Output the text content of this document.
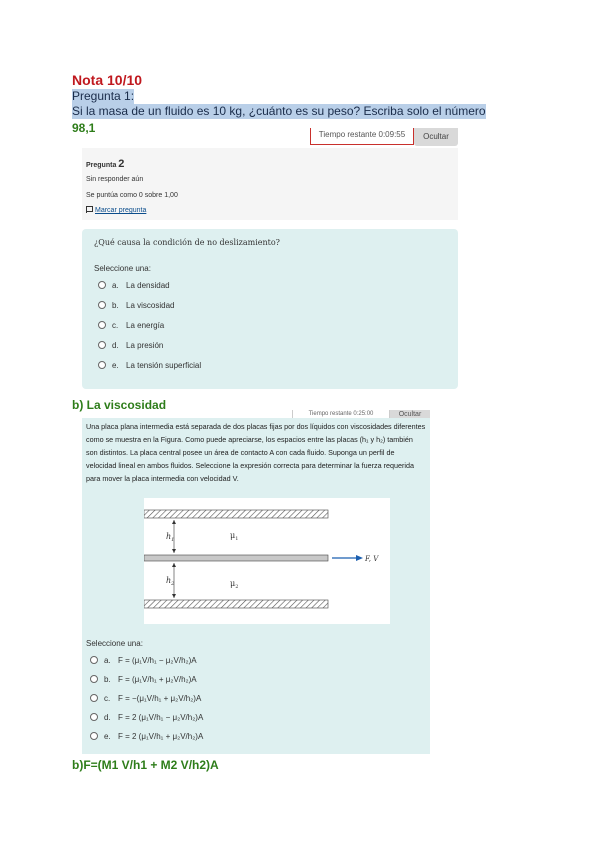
Nota 10/10
Pregunta 1:
Si la masa de un fluido es 10 kg, ¿cuánto es su peso? Escriba solo el número
98,1	Tiempo restante 0:09:55	Ocultar
Pregunta 2
Sin responder aún
Se puntúa como 0 sobre 1,00
Marcar pregunta
¿Qué causa la condición de no deslizamiento?
Seleccione una:
a. La densidad
b. La viscosidad
c. La energía
d. La presión
e. La tensión superficial
b) La viscosidad
Tiempo restante 0:25:00	Ocultar
Una placa plana intermedia está separada de dos placas fijas por dos líquidos con viscosidades diferentes como se muestra en la Figura. Como puede apreciarse, los espacios entre las placas (h₁ y h₂) también son distintos. La placa central posee un área de contacto A con cada fluido. Suponga un perfil de velocidad lineal en ambos fluidos. Seleccione la expresión correcta para determinar la fuerza requerida para mover la placa intermedia con velocidad V.
$h_1$	$\mu_1$
$h_2$	$\mu_2$
F, V
Seleccione una:
a. F = (μ₁V/h₁ − μ₂V/h₂)A
b. F = (μ₁V/h₁ + μ₂V/h₂)A
c. F = −(μ₁V/h₁ + μ₂V/h₂)A
d. F = 2 (μ₁V/h₁ − μ₂V/h₂)A
e. F = 2 (μ₁V/h₁ + μ₂V/h₂)A
b)F=(M1 V/h1 + M2 V/h2)A
